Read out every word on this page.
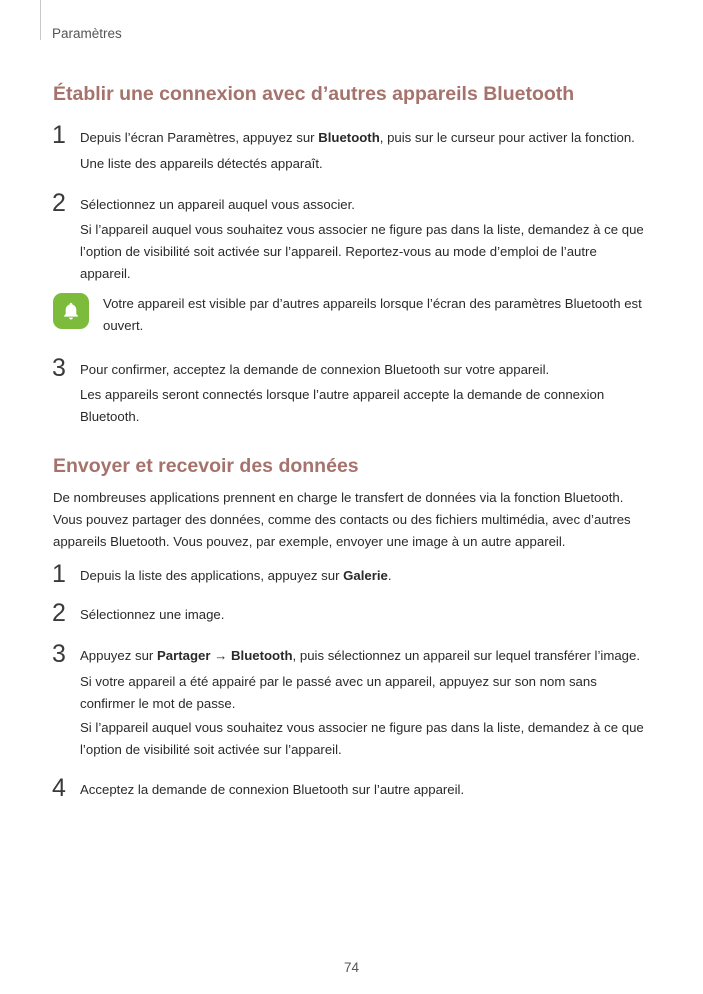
Paramètres
Établir une connexion avec d’autres appareils Bluetooth
1 Depuis l’écran Paramètres, appuyez sur Bluetooth, puis sur le curseur pour activer la fonction.
Une liste des appareils détectés apparaît.
2 Sélectionnez un appareil auquel vous associer.
Si l’appareil auquel vous souhaitez vous associer ne figure pas dans la liste, demandez à ce que l’option de visibilité soit activée sur l’appareil. Reportez-vous au mode d’emploi de l’autre appareil.
Votre appareil est visible par d’autres appareils lorsque l’écran des paramètres Bluetooth est ouvert.
3 Pour confirmer, acceptez la demande de connexion Bluetooth sur votre appareil.
Les appareils seront connectés lorsque l’autre appareil accepte la demande de connexion Bluetooth.
Envoyer et recevoir des données
De nombreuses applications prennent en charge le transfert de données via la fonction Bluetooth. Vous pouvez partager des données, comme des contacts ou des fichiers multimédia, avec d’autres appareils Bluetooth. Vous pouvez, par exemple, envoyer une image à un autre appareil.
1 Depuis la liste des applications, appuyez sur Galerie.
2 Sélectionnez une image.
3 Appuyez sur Partager → Bluetooth, puis sélectionnez un appareil sur lequel transférer l’image.
Si votre appareil a été appairé par le passé avec un appareil, appuyez sur son nom sans confirmer le mot de passe.
Si l’appareil auquel vous souhaitez vous associer ne figure pas dans la liste, demandez à ce que l’option de visibilité soit activée sur l’appareil.
4 Acceptez la demande de connexion Bluetooth sur l’autre appareil.
74
